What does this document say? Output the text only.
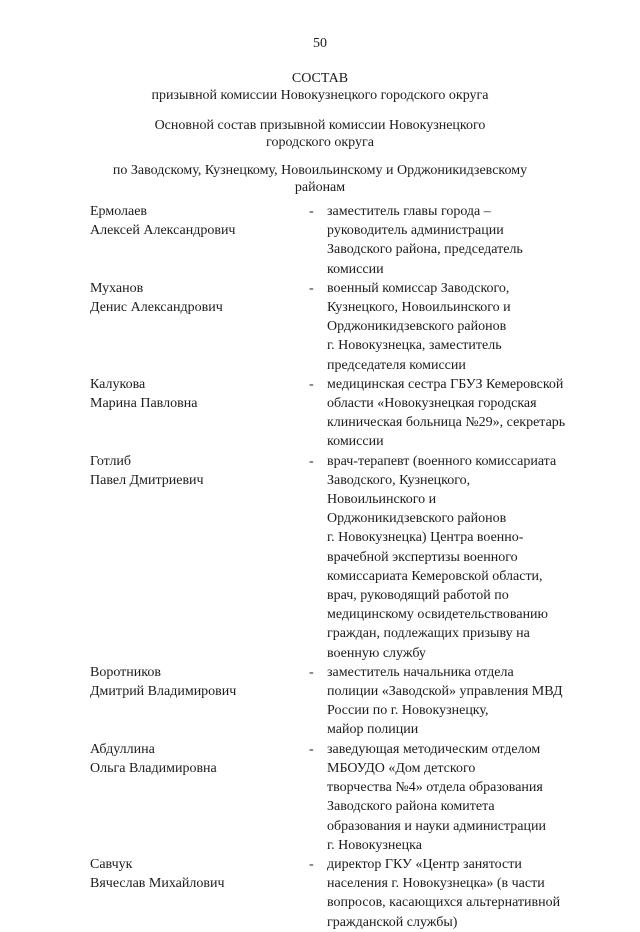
50
СОСТАВ
призывной комиссии Новокузнецкого городского округа
Основной состав призывной комиссии Новокузнецкого
городского округа
по Заводскому, Кузнецкому, Новоильинскому и Орджоникидзевскому
районам
Ермолаев
Алексей Александрович
- заместитель главы города –
руководитель администрации
Заводского района, председатель
комиссии
Муханов
Денис Александрович
- военный комиссар Заводского,
Кузнецкого, Новоильинского и
Орджоникидзевского районов
г. Новокузнецка, заместитель
председателя комиссии
Калукова
Марина Павловна
- медицинская сестра ГБУЗ Кемеровской
области «Новокузнецкая городская
клиническая больница №29», секретарь
комиссии
Готлиб
Павел Дмитриевич
- врач-терапевт (военного комиссариата
Заводского, Кузнецкого,
Новоильинского и
Орджоникидзевского районов
г. Новокузнецка) Центра военно-
врачебной экспертизы военного
комиссариата Кемеровской области,
врач, руководящий работой по
медицинскому освидетельствованию
граждан, подлежащих призыву на
военную службу
Воротников
Дмитрий Владимирович
- заместитель начальника отдела
полиции «Заводской» управления МВД
России по г. Новокузнецку,
майор полиции
Абдуллина
Ольга Владимировна
- заведующая методическим отделом
МБОУДО «Дом детского
творчества №4» отдела образования
Заводского района комитета
образования и науки администрации
г. Новокузнецка
Савчук
Вячеслав Михайлович
- директор ГКУ «Центр занятости
населения г. Новокузнецка» (в части
вопросов, касающихся альтернативной
гражданской службы)
